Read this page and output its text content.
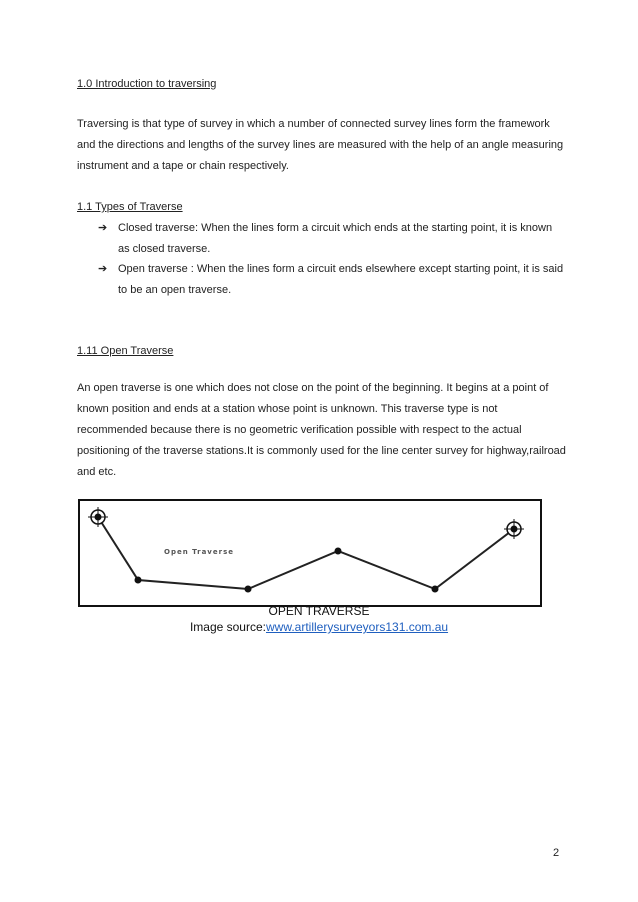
1.0 Introduction to traversing
Traversing is that type of survey in which a number of connected survey lines form the framework and the directions and lengths of the survey lines are measured with the help of an angle measuring instrument and a tape or chain respectively.
1.1 Types of Traverse
➔ Closed traverse: When the lines form a circuit which ends at the starting point, it is known as closed traverse.
➔ Open traverse : When the lines form a circuit ends elsewhere except starting point, it is said to be an open traverse.
1.11 Open Traverse
An open traverse is one which does not close on the point of the beginning. It begins at a point of known position and ends at a station whose point is unknown. This traverse type is not recommended because there is no geometric verification possible with respect to the actual positioning of the traverse stations.It is commonly used for the line center survey for highway,railroad and etc.
Open Traverse
OPEN TRAVERSE
Image source:www.artillerysurveyors131.com.au
2
